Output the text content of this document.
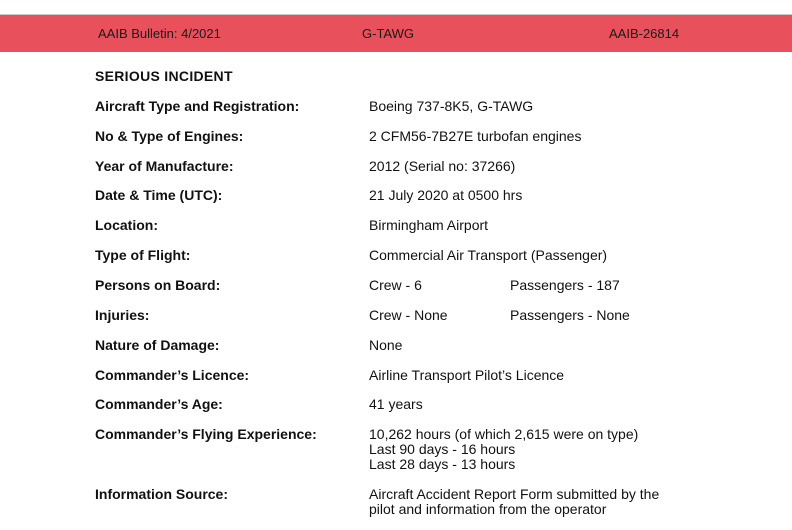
AAIB Bulletin: 4/2021	G-TAWG	AAIB-26814
SERIOUS INCIDENT
Aircraft Type and Registration:	Boeing 737-8K5, G-TAWG
No & Type of Engines:	2 CFM56-7B27E turbofan engines
Year of Manufacture:	2012 (Serial no: 37266)
Date & Time (UTC):	21 July 2020 at 0500 hrs
Location:	Birmingham Airport
Type of Flight:	Commercial Air Transport (Passenger)
Persons on Board:	Crew - 6	Passengers - 187
Injuries:	Crew - None	Passengers - None
Nature of Damage:	None
Commander’s Licence:	Airline Transport Pilot’s Licence
Commander’s Age:	41 years
Commander’s Flying Experience:	10,262 hours (of which 2,615 were on type)
Last 90 days - 16 hours
Last 28 days - 13 hours
Information Source:	Aircraft Accident Report Form submitted by the
pilot and information from the operator
